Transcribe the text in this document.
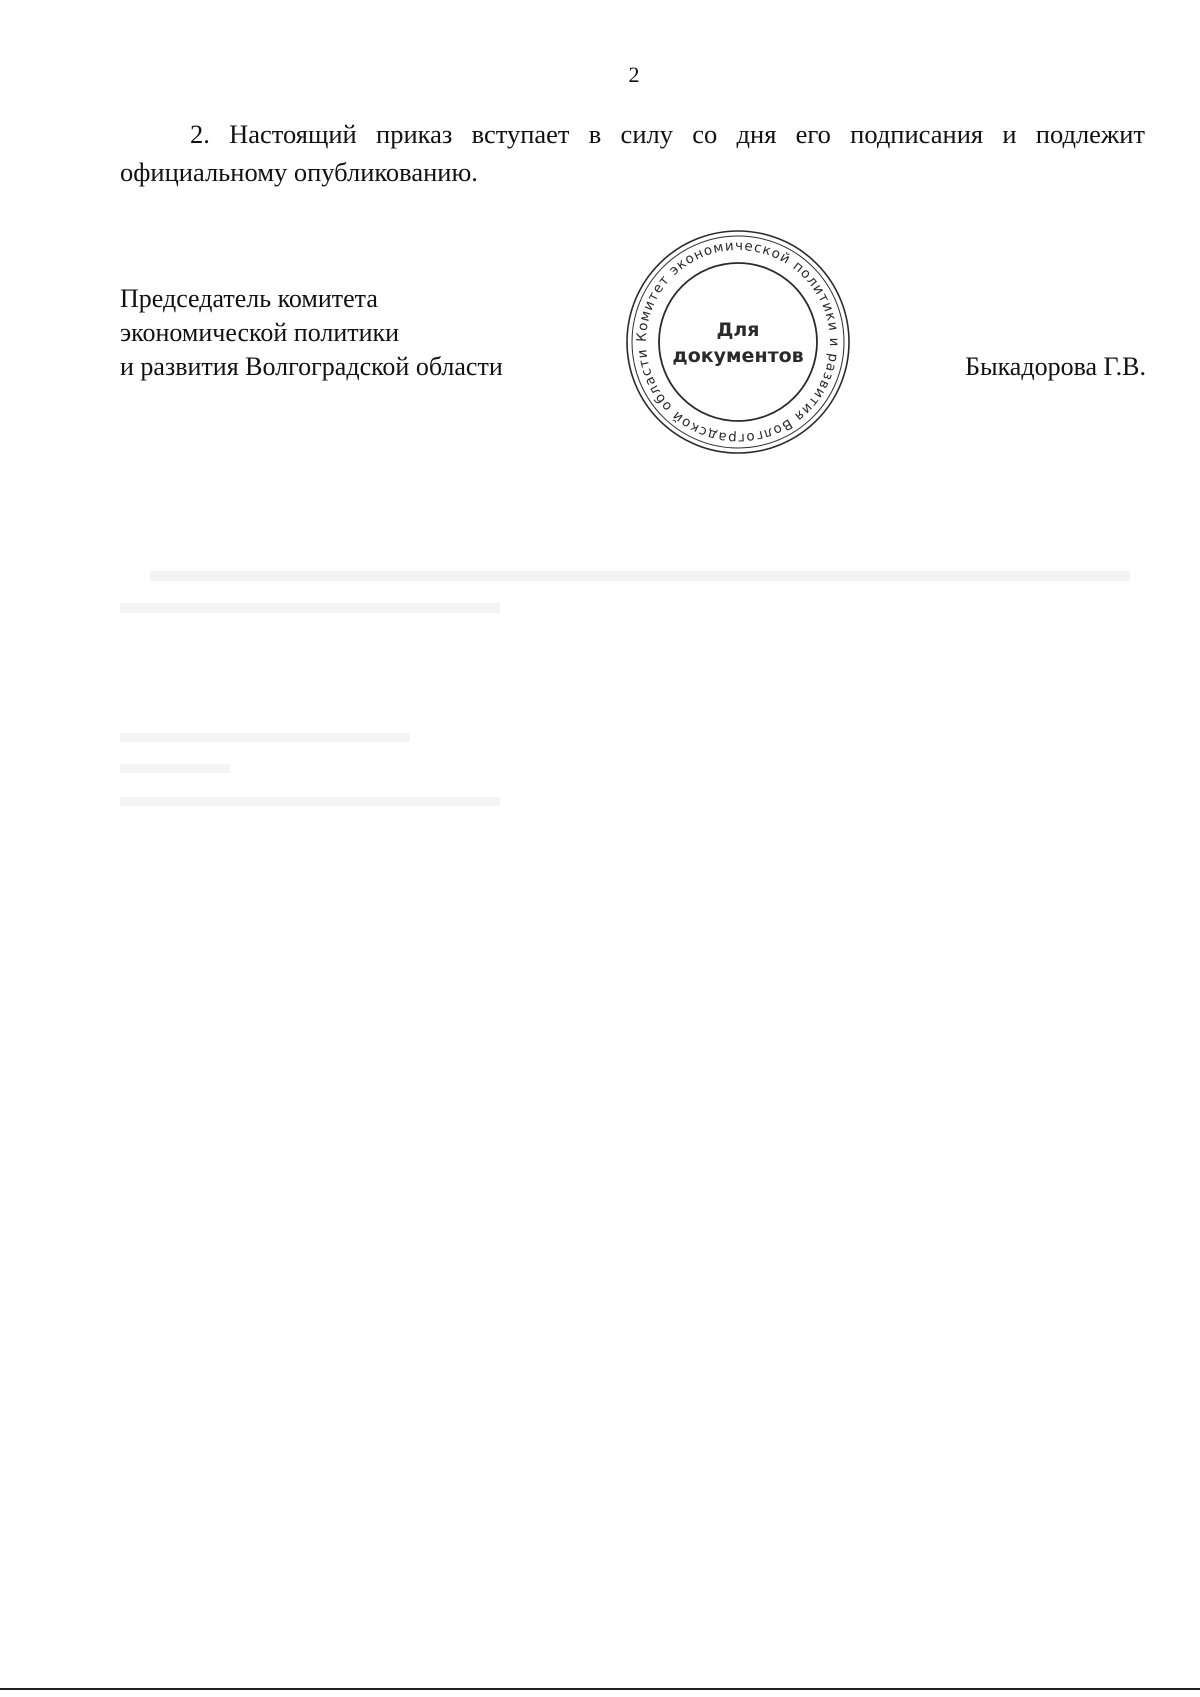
2
2. Настоящий приказ вступает в силу со дня его подписания и подлежит официальному опубликованию.
Председатель комитета
экономической политики
и развития Волгоградской области
Комитет экономической политики и развития Волгоградской области
Для
документов	Быкадорова Г.В.
